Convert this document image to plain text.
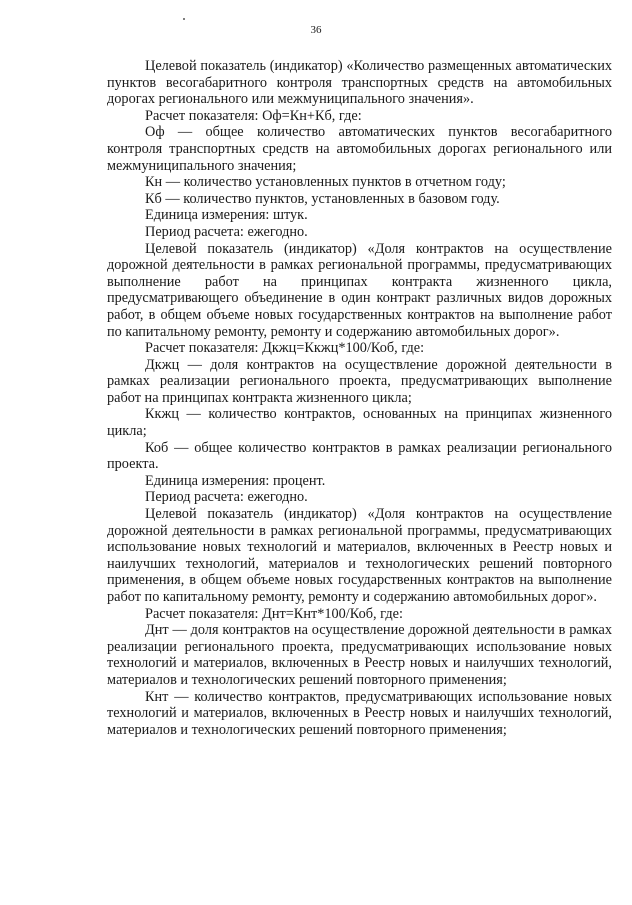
36

Целевой показатель (индикатор) «Количество размещенных автоматических пунктов весогабаритного контроля транспортных средств на автомобильных дорогах регионального или межмуниципального значения».

Расчет показателя: Оф=Кн+Кб, где:

Оф — общее количество автоматических пунктов весогабаритного контроля транспортных средств на автомобильных дорогах регионального или межмуниципального значения;

Кн — количество установленных пунктов в отчетном году;

Кб — количество пунктов, установленных в базовом году.

Единица измерения: штук.

Период расчета: ежегодно.

Целевой показатель (индикатор) «Доля контрактов на осуществление дорожной деятельности в рамках региональной программы, предусматривающих выполнение работ на принципах контракта жизненного цикла, предусматривающего объединение в один контракт различных видов дорожных работ, в общем объеме новых государственных контрактов на выполнение работ по капитальному ремонту, ремонту и содержанию автомобильных дорог».

Расчет показателя: Дкжц=Ккжц*100/Коб, где:

Дкжц — доля контрактов на осуществление дорожной деятельности в рамках реализации регионального проекта, предусматривающих выполнение работ на принципах контракта жизненного цикла;

Ккжц — количество контрактов, основанных на принципах жизненного цикла;

Коб — общее количество контрактов в рамках реализации регионального проекта.

Единица измерения: процент.

Период расчета: ежегодно.

Целевой показатель (индикатор) «Доля контрактов на осуществление дорожной деятельности в рамках региональной программы, предусматривающих использование новых технологий и материалов, включенных в Реестр новых и наилучших технологий, материалов и технологических решений повторного применения, в общем объеме новых государственных контрактов на выполнение работ по капитальному ремонту, ремонту и содержанию автомобильных дорог».

Расчет показателя: Днт=Кнт*100/Коб, где:

Днт — доля контрактов на осуществление дорожной деятельности в рамках реализации регионального проекта, предусматривающих использование новых технологий и материалов, включенных в Реестр новых и наилучших технологий, материалов и технологических решений повторного применения;

Кнт — количество контрактов, предусматривающих использование новых технологий и материалов, включенных в Реестр новых и наилучших технологий, материалов и технологических решений повторного применения;
